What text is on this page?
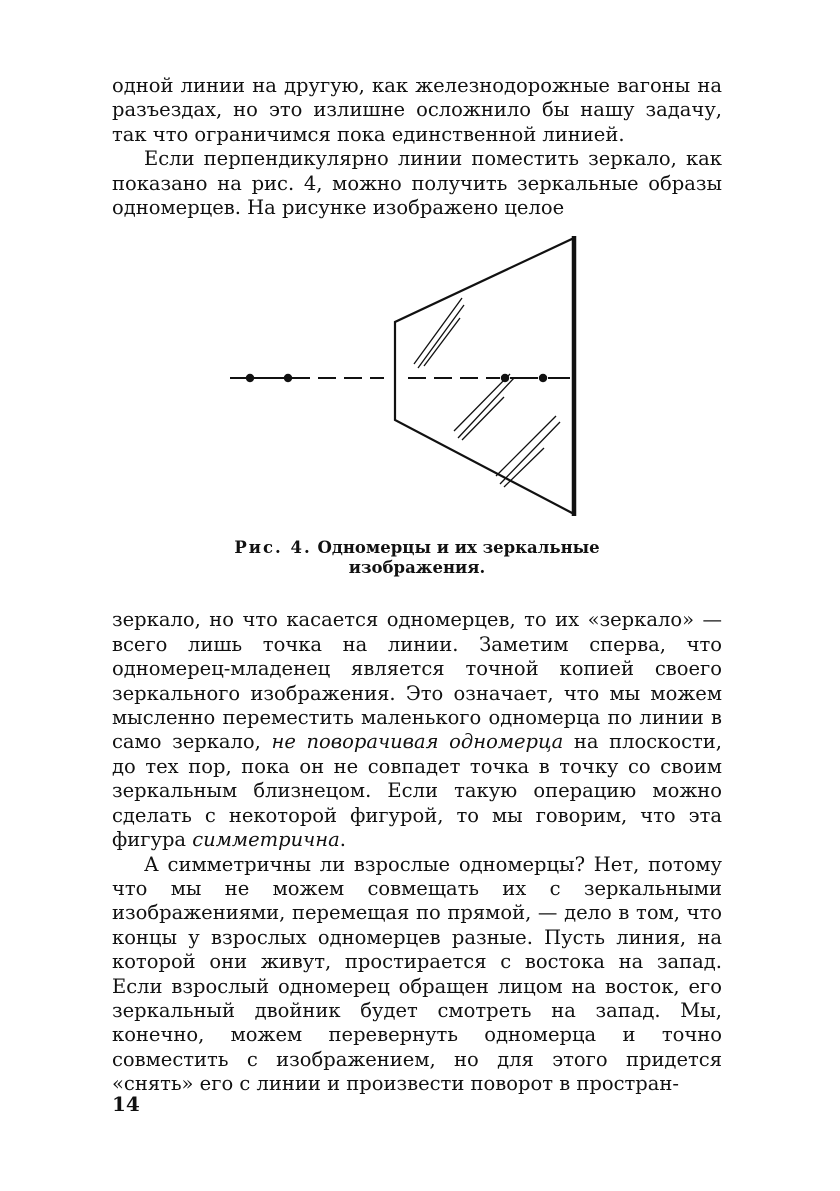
одной линии на другую, как железнодорожные вагоны на разъездах, но это излишне осложнило бы нашу задачу, так что ограничимся пока единственной линией.

Если перпендикулярно линии поместить зеркало, как показано на рис. 4, можно получить зеркальные образы одномерцев. На рисунке изображено целое

Рис. 4. Одномерцы и их зеркальные
изображения.

зеркало, но что касается одномерцев, то их «зеркало» — всего лишь точка на линии. Заметим сперва, что одномерец-младенец является точной копией своего зеркального изображения. Это означает, что мы можем мысленно переместить маленького одномерца по линии в само зеркало, не поворачивая одномерца на плоскости, до тех пор, пока он не совпадет точка в точку со своим зеркальным близнецом. Если такую операцию можно сделать с некоторой фигурой, то мы говорим, что эта фигура симметрична.

А симметричны ли взрослые одномерцы? Нет, потому что мы не можем совмещать их с зеркальными изображениями, перемещая по прямой, — дело в том, что концы у взрослых одномерцев разные. Пусть линия, на которой они живут, простирается с востока на запад. Если взрослый одномерец обращен лицом на восток, его зеркальный двойник будет смотреть на запад. Мы, конечно, можем перевернуть одномерца и точно совместить с изображением, но для этого придется «снять» его с линии и произвести поворот в простран-

14
